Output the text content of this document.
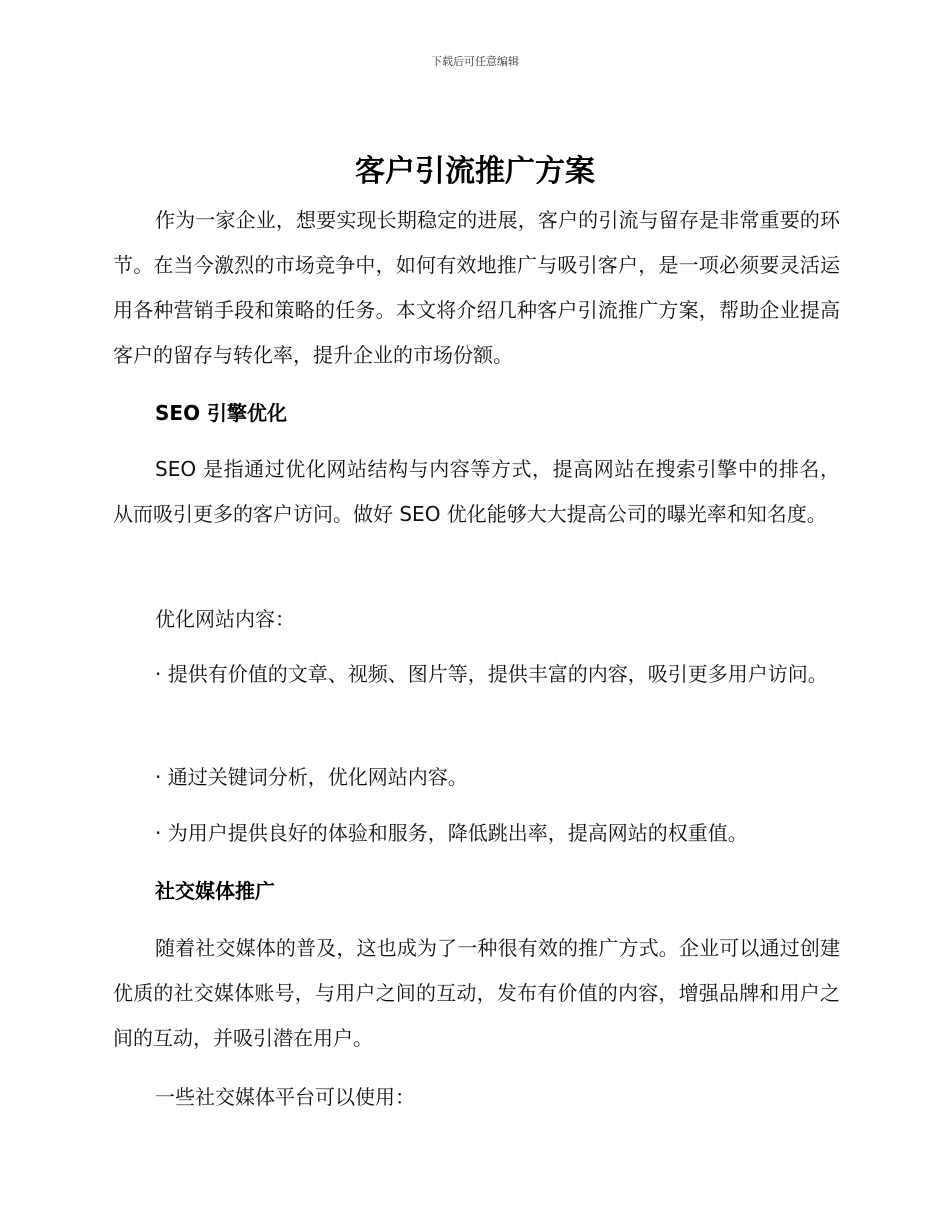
下载后可任意编辑
客户引流推广方案

作为一家企业，想要实现长期稳定的进展，客户的引流与留存是非常重要的环节。在当今激烈的市场竞争中，如何有效地推广与吸引客户，是一项必须要灵活运用各种营销手段和策略的任务。本文将介绍几种客户引流推广方案，帮助企业提高客户的留存与转化率，提升企业的市场份额。

SEO 引擎优化

SEO 是指通过优化网站结构与内容等方式，提高网站在搜索引擎中的排名，从而吸引更多的客户访问。做好 SEO 优化能够大大提高公司的曝光率和知名度。

优化网站内容：

· 提供有价值的文章、视频、图片等，提供丰富的内容，吸引更多用户访问。

· 通过关键词分析，优化网站内容。

· 为用户提供良好的体验和服务，降低跳出率，提高网站的权重值。

社交媒体推广

随着社交媒体的普及，这也成为了一种很有效的推广方式。企业可以通过创建优质的社交媒体账号，与用户之间的互动，发布有价值的内容，增强品牌和用户之间的互动，并吸引潜在用户。

一些社交媒体平台可以使用：
